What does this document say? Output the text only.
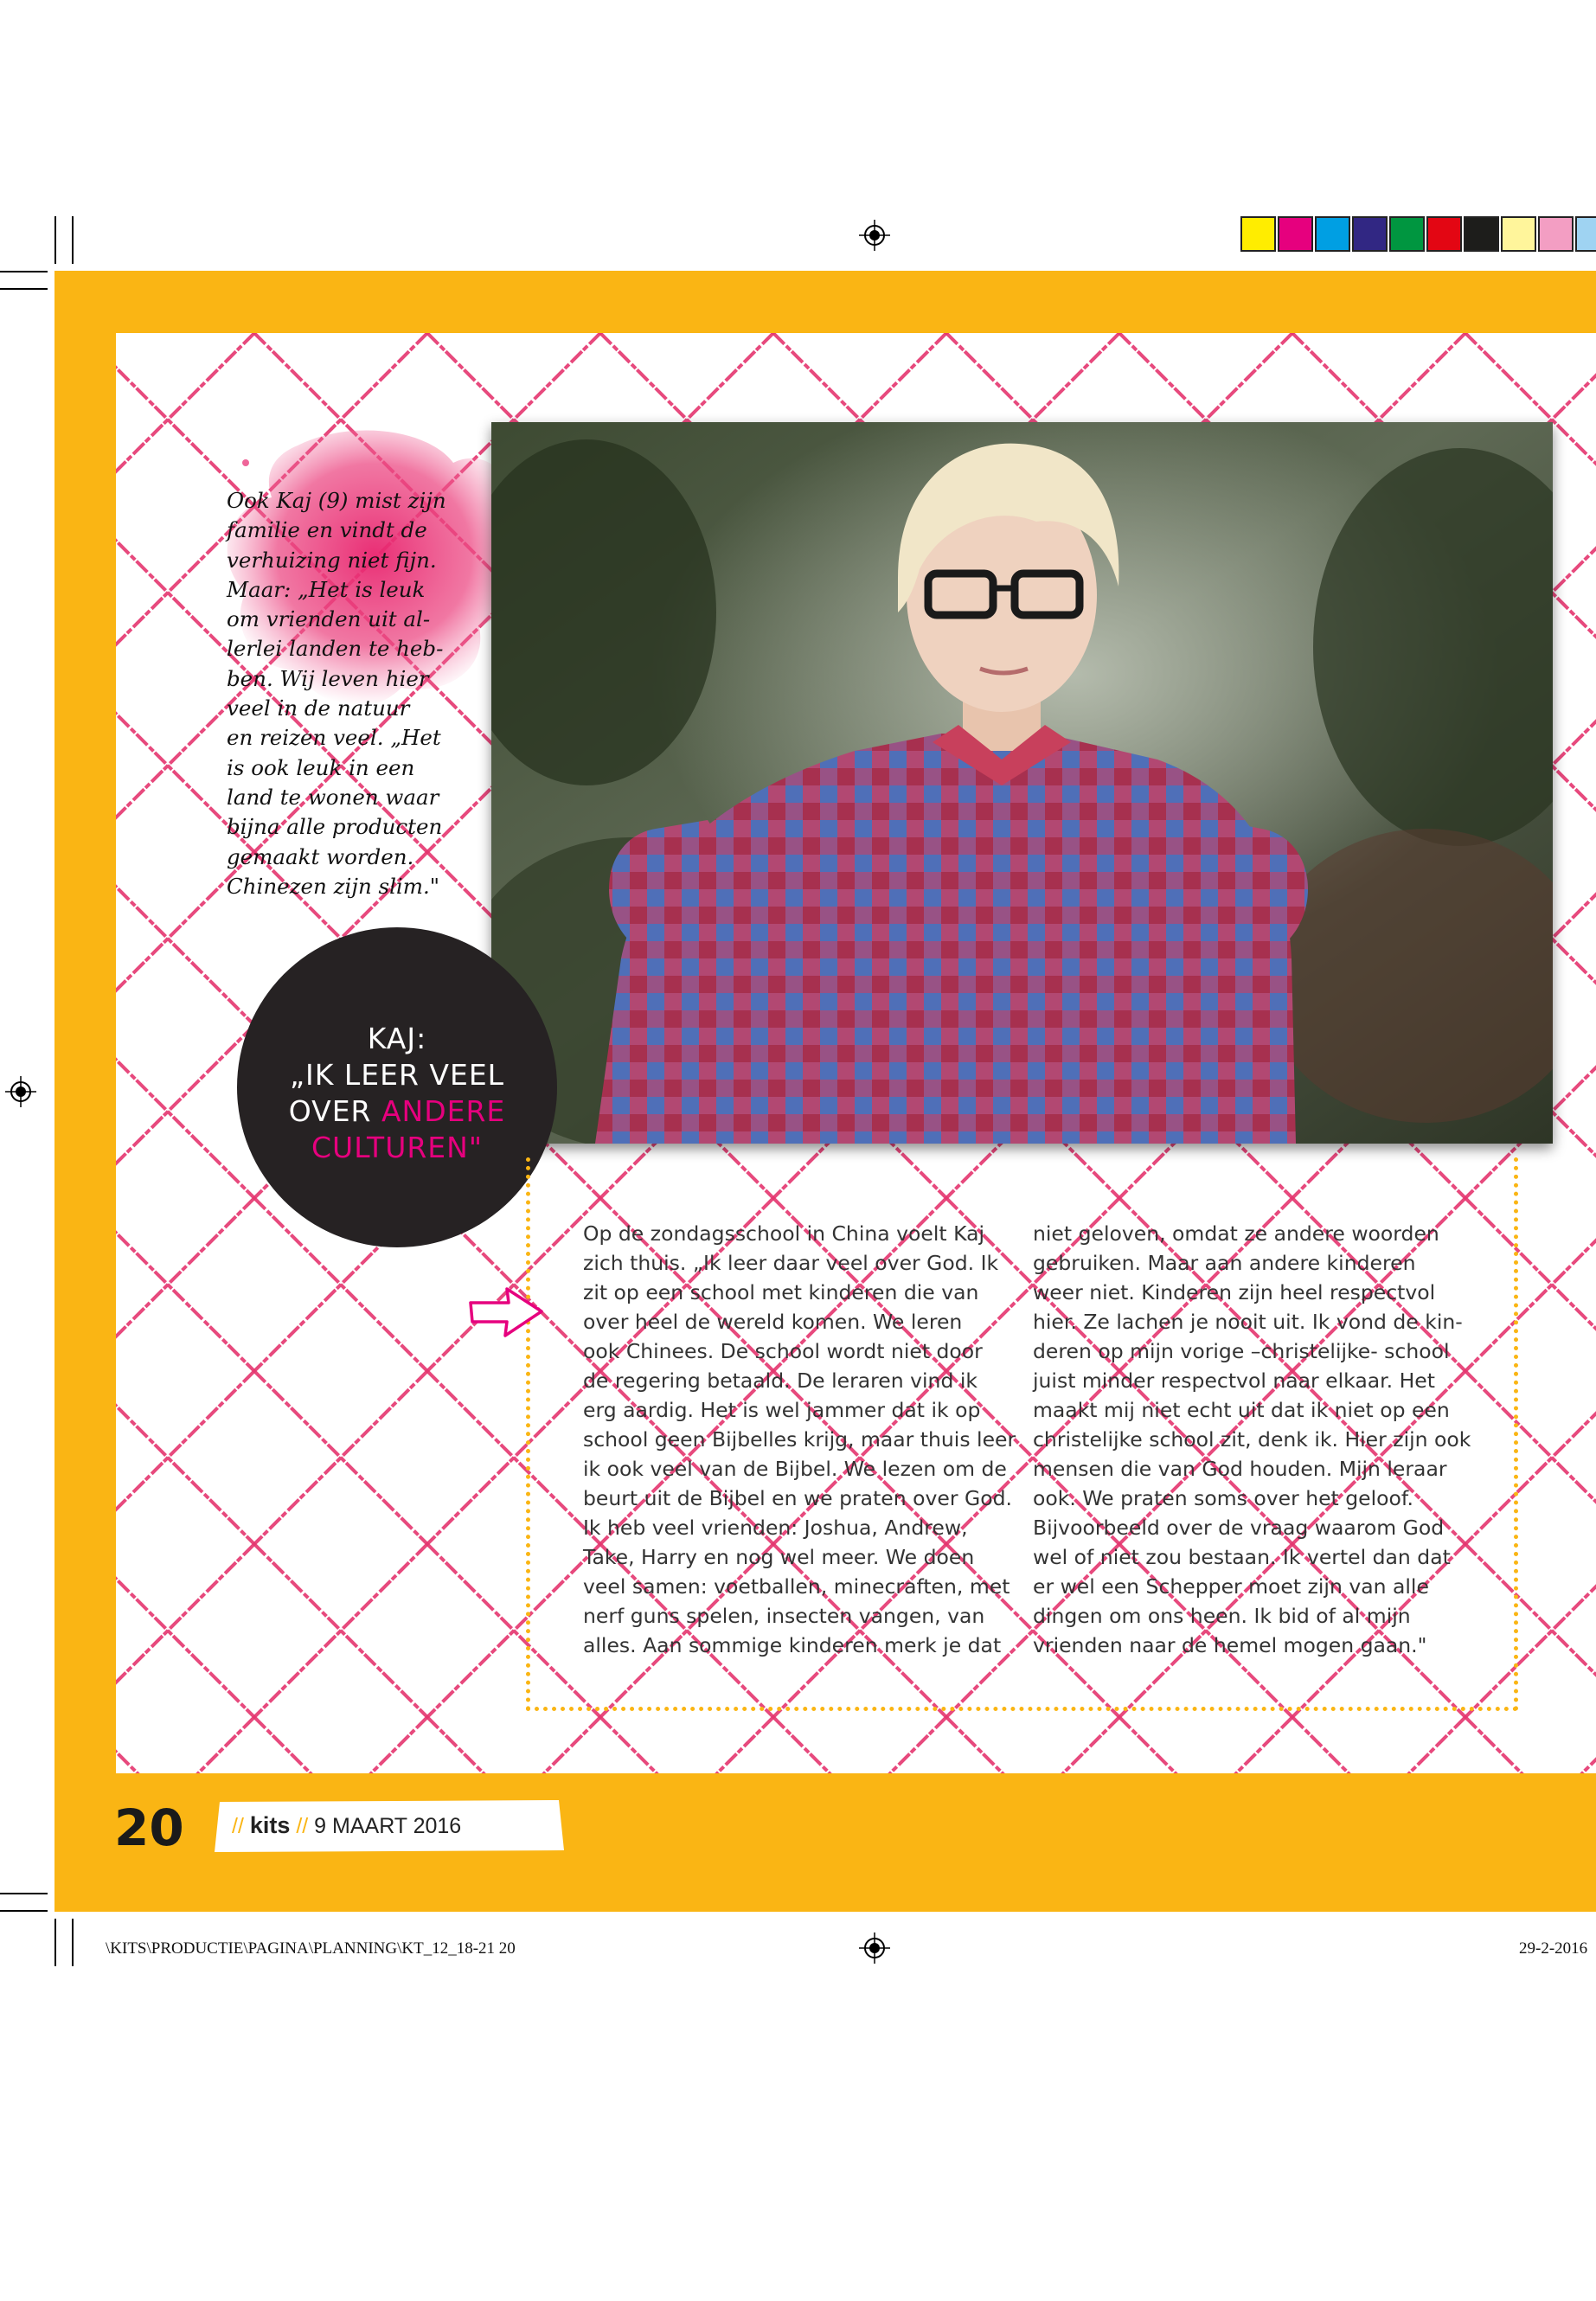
Ook Kaj (9) mist zijn
familie en vindt de
verhuizing niet fijn.
Maar: „Het is leuk
om vrienden uit al-
lerlei landen te heb-
ben. Wij leven hier
veel in de natuur
en reizen veel. „Het
is ook leuk in een
land te wonen waar
bijna alle producten
gemaakt worden.
Chinezen zijn slim."

KAJ:
„IK LEER VEEL
OVER ANDERE
CULTUREN"

Op de zondagsschool in China voelt Kaj
zich thuis. „Ik leer daar veel over God. Ik
zit op een school met kinderen die van
over heel de wereld komen. We leren
ook Chinees. De school wordt niet door
de regering betaald. De leraren vind ik
erg aardig. Het is wel jammer dat ik op
school geen Bijbelles krijg, maar thuis leer
ik ook veel van de Bijbel. We lezen om de
beurt uit de Bijbel en we praten over God.
Ik heb veel vrienden: Joshua, Andrew,
Take, Harry en nog wel meer. We doen
veel samen: voetballen, minecraften, met
nerf guns spelen, insecten vangen, van
alles. Aan sommige kinderen merk je dat

niet geloven, omdat ze andere woorden
gebruiken. Maar aan andere kinderen
weer niet. Kinderen zijn heel respectvol
hier. Ze lachen je nooit uit. Ik vond de kin-
deren op mijn vorige –christelijke- school
juist minder respectvol naar elkaar. Het
maakt mij niet echt uit dat ik niet op een
christelijke school zit, denk ik. Hier zijn ook
mensen die van God houden. Mijn leraar
ook. We praten soms over het geloof.
Bijvoorbeeld over de vraag waarom God
wel of niet zou bestaan. Ik vertel dan dat
er wel een Schepper moet zijn van alle
dingen om ons heen. Ik bid of al mijn
vrienden naar de hemel mogen gaan."

20 // kits // 9 MAART 2016
\KITS\PRODUCTIE\PAGINA\PLANNING\KT_12_18-21 20	29-2-2016
